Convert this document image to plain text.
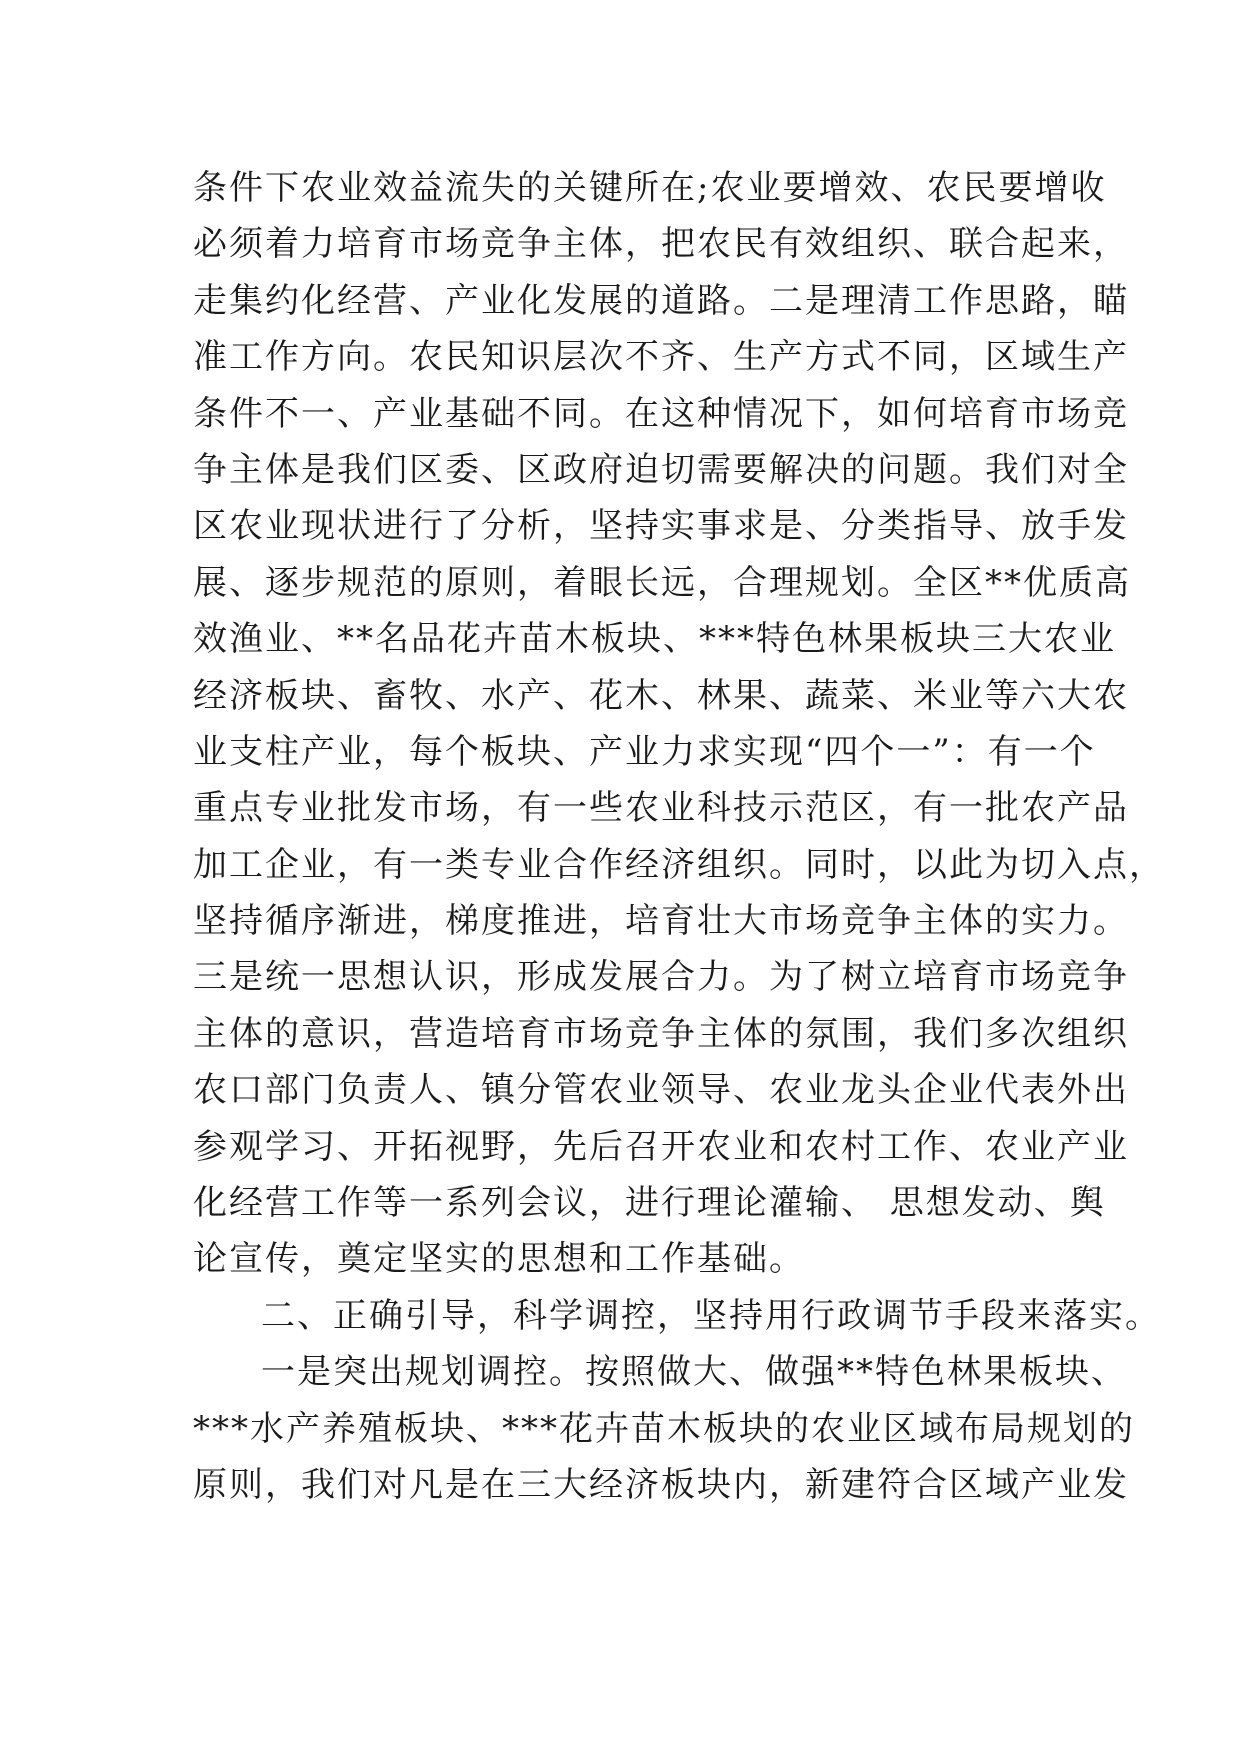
条件下农业效益流失的关键所在;农业要增效、农民要增收
必须着力培育市场竞争主体，把农民有效组织、联合起来，
走集约化经营、产业化发展的道路。二是理清工作思路，瞄
准工作方向。农民知识层次不齐、生产方式不同，区域生产
条件不一、产业基础不同。在这种情况下，如何培育市场竞
争主体是我们区委、区政府迫切需要解决的问题。我们对全
区农业现状进行了分析，坚持实事求是、分类指导、放手发
展、逐步规范的原则，着眼长远，合理规划。全区**优质高
效渔业、**名品花卉苗木板块、***特色林果板块三大农业
经济板块、畜牧、水产、花木、林果、蔬菜、米业等六大农
业支柱产业，每个板块、产业力求实现“四个一”：有一个
重点专业批发市场，有一些农业科技示范区，有一批农产品
加工企业，有一类专业合作经济组织。同时，以此为切入点，
坚持循序渐进，梯度推进，培育壮大市场竞争主体的实力。
三是统一思想认识，形成发展合力。为了树立培育市场竞争
主体的意识，营造培育市场竞争主体的氛围，我们多次组织
农口部门负责人、镇分管农业领导、农业龙头企业代表外出
参观学习、开拓视野，先后召开农业和农村工作、农业产业
化经营工作等一系列会议，进行理论灌输、 思想发动、舆
论宣传，奠定坚实的思想和工作基础。
二、正确引导，科学调控，坚持用行政调节手段来落实。
一是突出规划调控。按照做大、做强**特色林果板块、
***水产养殖板块、***花卉苗木板块的农业区域布局规划的
原则，我们对凡是在三大经济板块内，新建符合区域产业发
